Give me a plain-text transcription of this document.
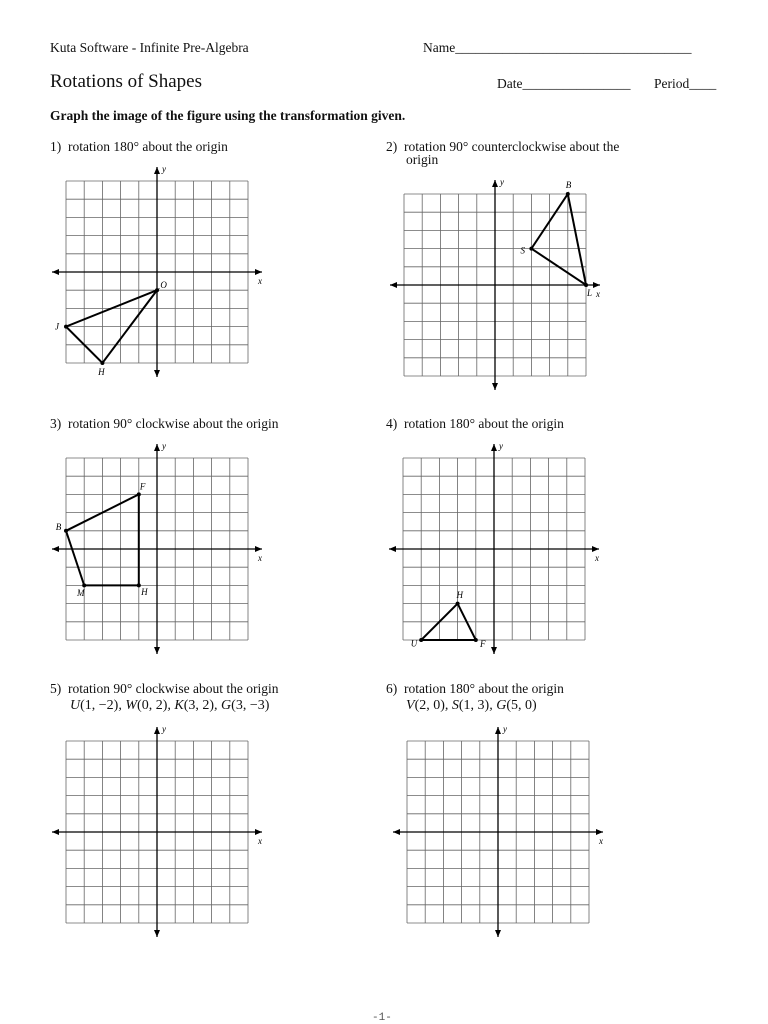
Kuta Software - Infinite Pre-Algebra	Name___________________________________
Rotations of Shapes	Date________________ Period____
Graph the image of the figure using the transformation given.
1) rotation 180° about the origin
x
y
O
J
H
2) rotation 90° counterclockwise about the
origin
x
y	B
L
S
3) rotation 90° clockwise about the origin
x
y
F
H
M
B
4) rotation 180° about the origin
x
y
H
F
U
5) rotation 90° clockwise about the origin
U(1, −2), W(0, 2), K(3, 2), G(3, −3)
x
y
6) rotation 180° about the origin
V(2, 0), S(1, 3), G(5, 0)
x
y
-1-
